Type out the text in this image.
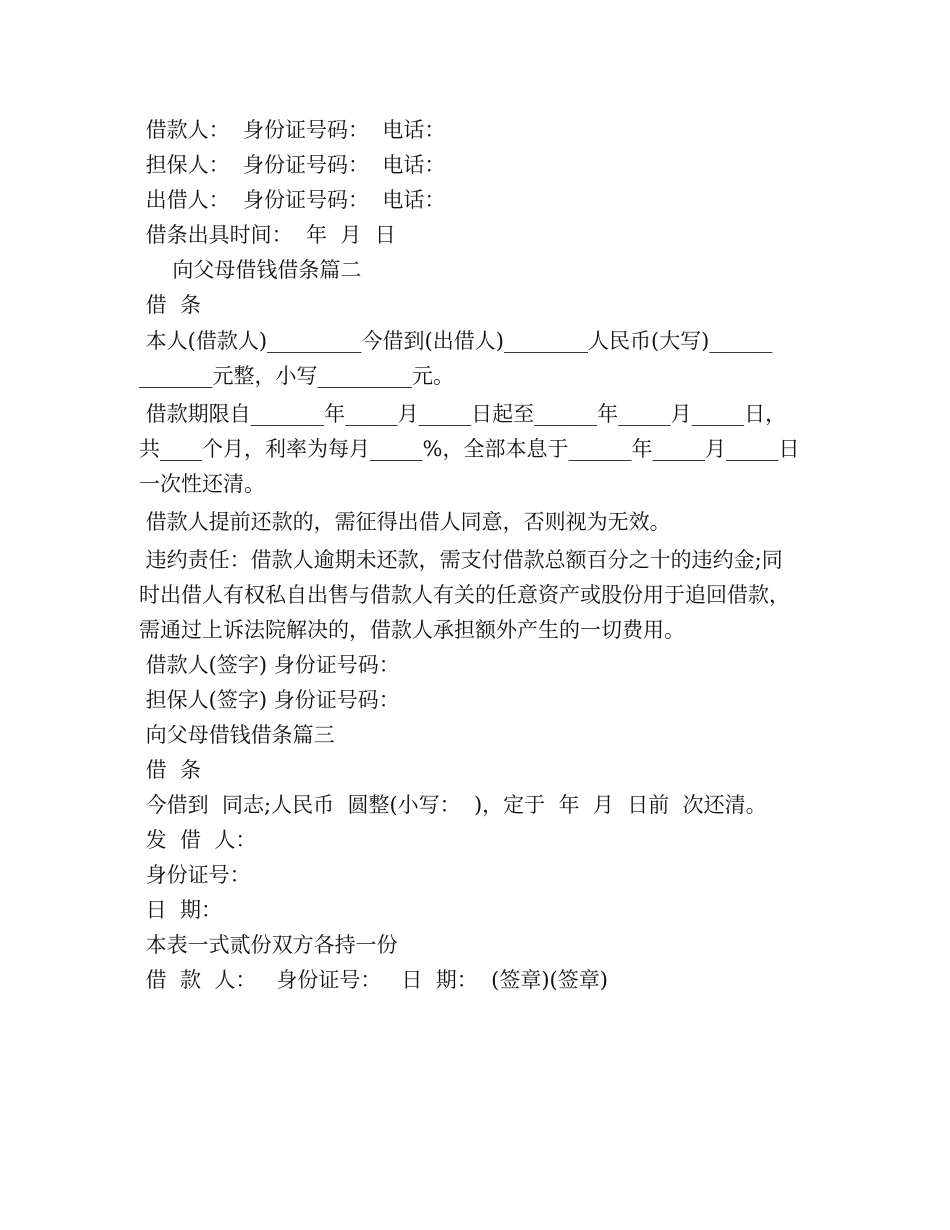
借款人：  身份证号码：  电话：
担保人：  身份证号码：  电话：
出借人：  身份证号码：  电话：
借条出具时间：  年  月  日
向父母借钱借条篇二
借  条
本人(借款人)_________今借到(出借人)________人民币(大写)______
_______元整，小写_________元。
借款期限自_______年_____月_____日起至______年_____月_____日，
共____个月，利率为每月_____%，全部本息于______年_____月_____日
一次性还清。
借款人提前还款的，需征得出借人同意，否则视为无效。
违约责任：借款人逾期未还款，需支付借款总额百分之十的违约金;同
时出借人有权私自出售与借款人有关的任意资产或股份用于追回借款，
需通过上诉法院解决的，借款人承担额外产生的一切费用。
借款人(签字) 身份证号码：
担保人(签字) 身份证号码：
向父母借钱借条篇三
借  条
今借到  同志;人民币  圆整(小写：  )，定于  年  月  日前  次还清。
发  借  人：
身份证号：
日  期：
本表一式贰份双方各持一份
借  款  人：   身份证号：   日  期：  (签章)(签章)
